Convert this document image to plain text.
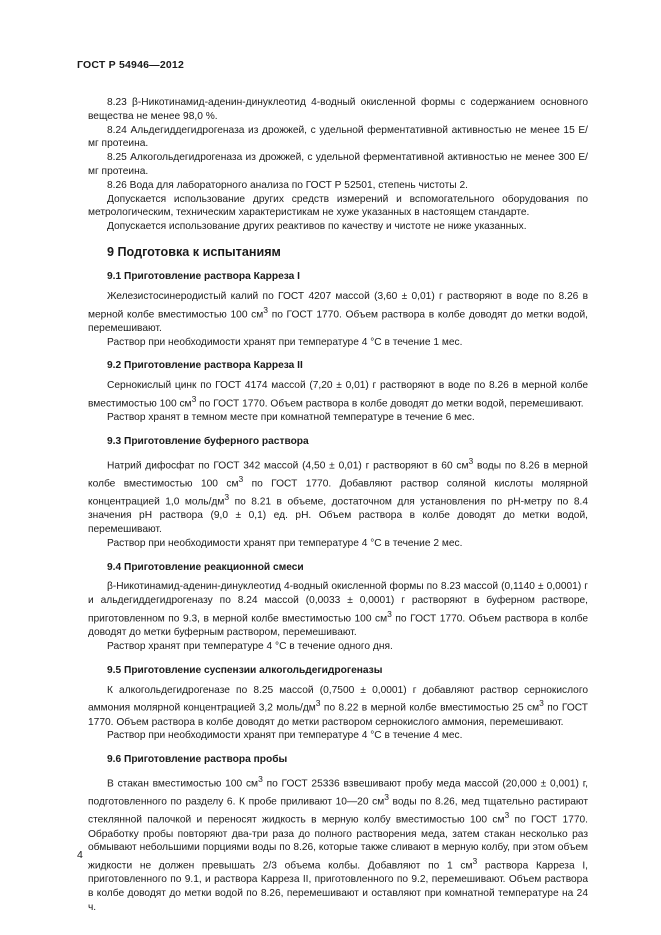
ГОСТ Р 54946—2012

8.23 β-Никотинамид-аденин-динуклеотид 4-водный окисленной формы с содержанием основного вещества не менее 98,0 %.

8.24 Альдегиддегидрогеназа из дрожжей, с удельной ферментативной активностью не менее 15 Е/мг протеина.

8.25 Алкогольдегидрогеназа из дрожжей, с удельной ферментативной активностью не менее 300 Е/мг протеина.

8.26 Вода для лабораторного анализа по ГОСТ Р 52501, степень чистоты 2.

Допускается использование других средств измерений и вспомогательного оборудования по метрологическим, техническим характеристикам не хуже указанных в настоящем стандарте.

Допускается использование других реактивов по качеству и чистоте не ниже указанных.

9 Подготовка к испытаниям
9.1 Приготовление раствора Карреза I

Железистосинеродистый калий по ГОСТ 4207 массой (3,60 ± 0,01) г растворяют в воде по 8.26 в мерной колбе вместимостью 100 $см^3$ по ГОСТ 1770. Объем раствора в колбе доводят до метки водой, перемешивают.

Раствор при необходимости хранят при температуре 4 °С в течение 1 мес.

9.2 Приготовление раствора Карреза II

Сернокислый цинк по ГОСТ 4174 массой (7,20 ± 0,01) г растворяют в воде по 8.26 в мерной колбе вместимостью 100 $см^3$ по ГОСТ 1770. Объем раствора в колбе доводят до метки водой, перемешивают.

Раствор хранят в темном месте при комнатной температуре в течение 6 мес.

9.3 Приготовление буферного раствора

Натрий дифосфат по ГОСТ 342 массой (4,50 ± 0,01) г растворяют в 60 $см^3$ воды по 8.26 в мерной колбе вместимостью 100 $см^3$ по ГОСТ 1770. Добавляют раствор соляной кислоты молярной концентрацией 1,0 моль/$дм^3$ по 8.21 в объеме, достаточном для установления по pH-метру по 8.4 значения pH раствора (9,0 ± 0,1) ед. pH. Объем раствора в колбе доводят до метки водой, перемешивают.

Раствор при необходимости хранят при температуре 4 °С в течение 2 мес.

9.4 Приготовление реакционной смеси

β-Никотинамид-аденин-динуклеотид 4-водный окисленной формы по 8.23 массой (0,1140 ± 0,0001) г и альдегиддегидрогеназу по 8.24 массой (0,0033 ± 0,0001) г растворяют в буферном растворе, приготовленном по 9.3, в мерной колбе вместимостью 100 $см^3$ по ГОСТ 1770. Объем раствора в колбе доводят до метки буферным раствором, перемешивают.

Раствор хранят при температуре 4 °С в течение одного дня.

9.5 Приготовление суспензии алкогольдегидрогеназы

К алкогольдегидрогеназе по 8.25 массой (0,7500 ± 0,0001) г добавляют раствор сернокислого аммония молярной концентрацией 3,2 моль/$дм^3$ по 8.22 в мерной колбе вместимостью 25 $см^3$ по ГОСТ 1770. Объем раствора в колбе доводят до метки раствором сернокислого аммония, перемешивают.

Раствор при необходимости хранят при температуре 4 °С в течение 4 мес.

9.6 Приготовление раствора пробы

В стакан вместимостью 100 $см^3$ по ГОСТ 25336 взвешивают пробу меда массой (20,000 ± 0,001) г, подготовленного по разделу 6. К пробе приливают 10—20 $см^3$ воды по 8.26, мед тщательно растирают стеклянной палочкой и переносят жидкость в мерную колбу вместимостью 100 $см^3$ по ГОСТ 1770. Обработку пробы повторяют два-три раза до полного растворения меда, затем стакан несколько раз обмывают небольшими порциями воды по 8.26, которые также сливают в мерную колбу, при этом объем жидкости не должен превышать 2/3 объема колбы. Добавляют по 1 $см^3$ раствора Карреза I, приготовленного по 9.1, и раствора Карреза II, приготовленного по 9.2, перемешивают. Объем раствора в колбе доводят до метки водой по 8.26, перемешивают и оставляют при комнатной температуре на 24 ч.

4
